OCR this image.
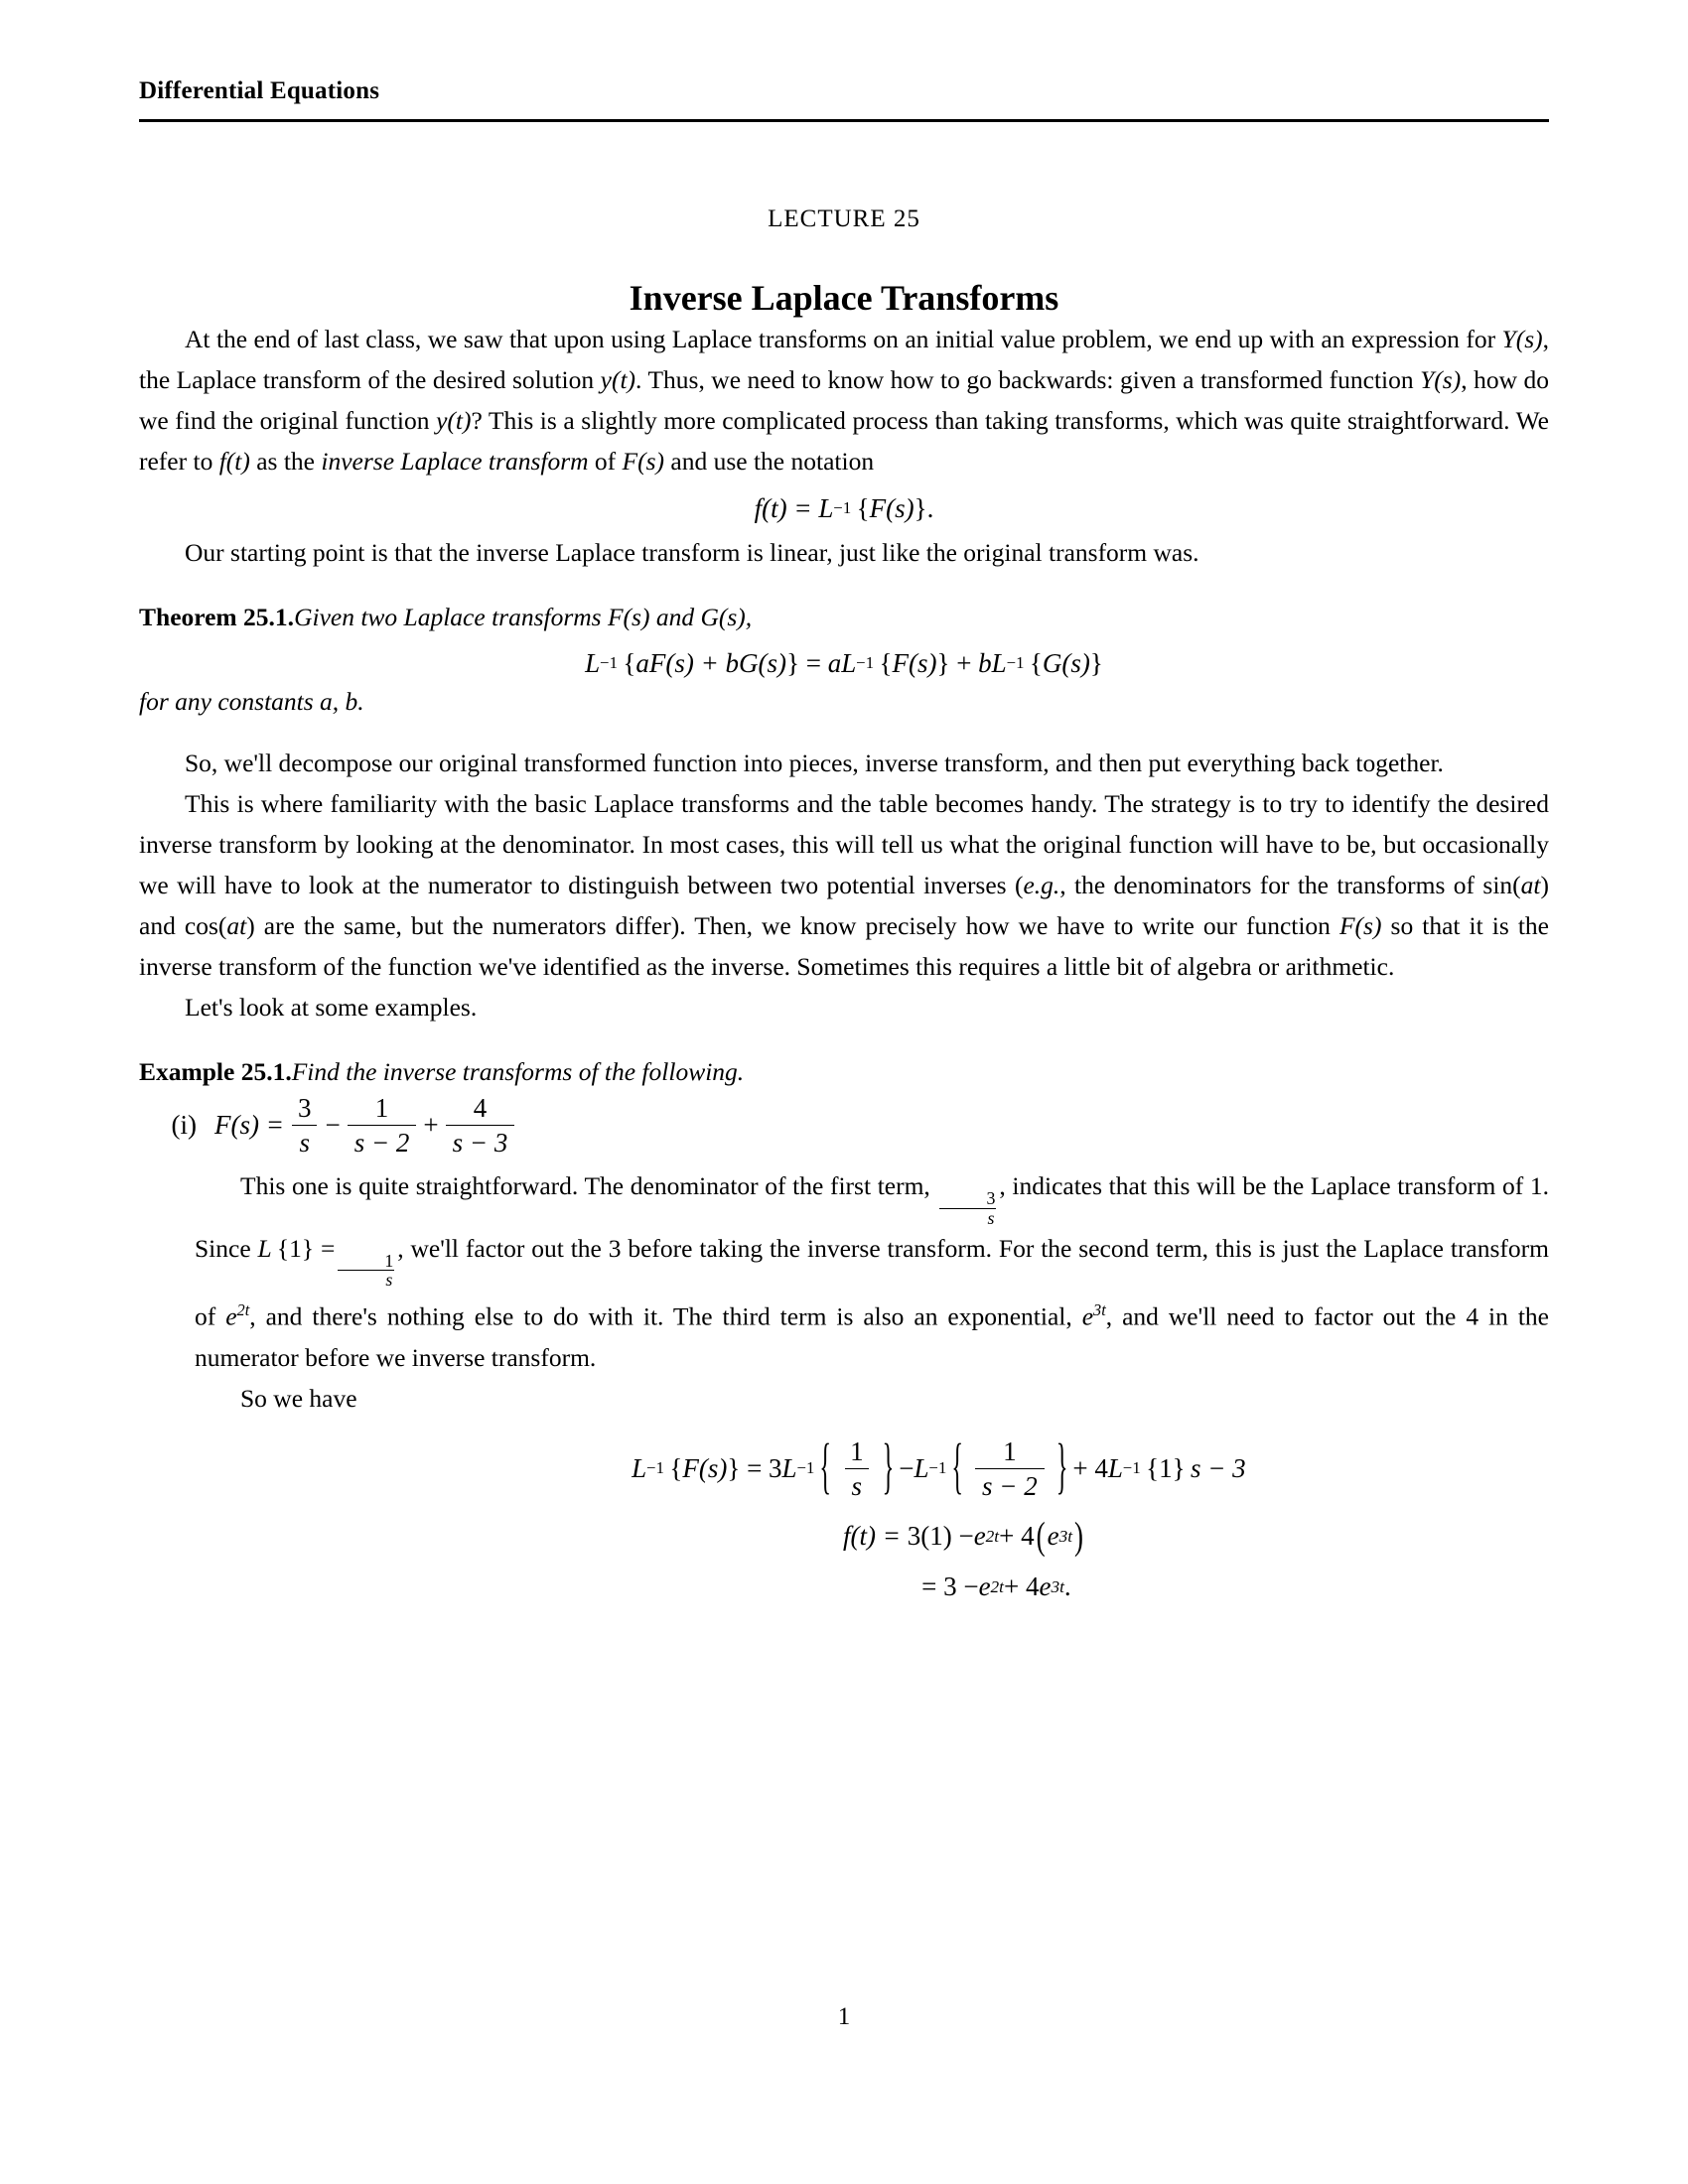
Differential Equations
LECTURE 25
Inverse Laplace Transforms

At the end of last class, we saw that upon using Laplace transforms on an initial value problem, we end up with an expression for Y(s), the Laplace transform of the desired solution y(t). Thus, we need to know how to go backwards: given a transformed function Y(s), how do we find the original function y(t)? This is a slightly more complicated process than taking transforms, which was quite straightforward. We refer to f(t) as the inverse Laplace transform of F(s) and use the notation

f(t) =
L −1
  { F(s) } .

Our starting point is that the inverse Laplace transform is linear, just like the original transform was.

Theorem 25.1.Given two Laplace transforms F(s) and G(s),
L −1
  { aF(s) + bG(s) }
=
a L −1
  { F(s) }
+
b L −1
  { G(s) }
for any constants a, b.

So, we'll decompose our original transformed function into pieces, inverse transform, and then put everything back together.

This is where familiarity with the basic Laplace transforms and the table becomes handy. The strategy is to try to identify the desired inverse transform by looking at the denominator. In most cases, this will tell us what the original function will have to be, but occasionally we will have to look at the numerator to distinguish between two potential inverses (e.g., the denominators for the transforms of sin(at) and cos(at) are the same, but the numerators differ). Then, we know precisely how we have to write our function F(s) so that it is the inverse transform of the function we've identified as the inverse. Sometimes this requires a little bit of algebra or arithmetic.

Let's look at some examples.

Example 25.1.Find the inverse transforms of the following.
(i) $F(s) = \frac{3}{s} - \frac{1}{s - 2} + \frac{4}{s - 3}$

This one is quite straightforward. The denominator of the first term,
$\frac{3}{s}$
, indicates that this will be the Laplace transform of 1. Since L  {1} =
$\frac{1}{s}$
, we'll factor out the 3 before taking the inverse transform. For the second term, this is just the Laplace transform of $e^{2t}$, and there's nothing else to do with it. The third term is also an exponential, $e^{3t}$, and we'll need to factor out the 4 in the numerator before we inverse transform.

So we have

L −1
  { F(s) }
=
3 L −1 { $\frac{1}{s}$ } − L −1 { $\frac{1}{s - 2}$ } +
4 L −1
  {1}
  s − 3
f(t) =
3(1) − e 2t + 4 ( e 3t )

=
3 − e 2t + 4 e 3t .
1
